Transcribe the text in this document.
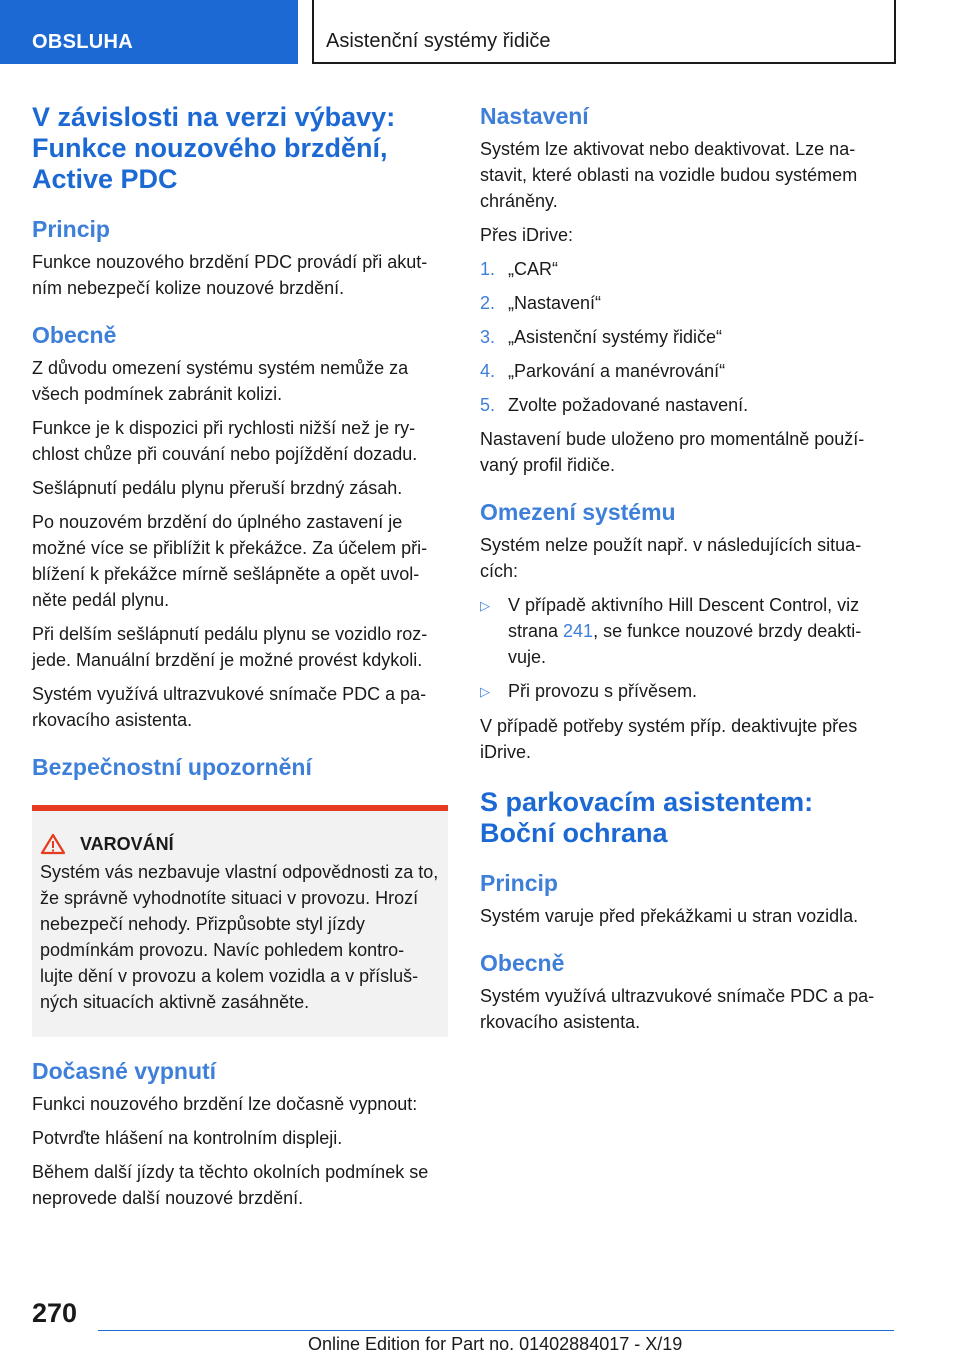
OBSLUHA	Asistenční systémy řidiče
V závislosti na verzi výbavy:
Funkce nouzového brzdění,
Active PDC
Princip

Funkce nouzového brzdění PDC provádí při akut‐ ním nebezpečí kolize nouzové brzdění.

Obecně

Z důvodu omezení systému systém nemůže za všech podmínek zabránit kolizi.

Funkce je k dispozici při rychlosti nižší než je ry‐ chlost chůze při couvání nebo pojíždění dozadu.

Sešlápnutí pedálu plynu přeruší brzdný zásah.

Po nouzovém brzdění do úplného zastavení je možné více se přiblížit k překážce. Za účelem při‐ blížení k překážce mírně sešlápněte a opět uvol‐ něte pedál plynu.

Při delším sešlápnutí pedálu plynu se vozidlo roz‐ jede. Manuální brzdění je možné provést kdykoli.

Systém využívá ultrazvukové snímače PDC a pa‐ rkovacího asistenta.

Bezpečnostní upozornění
VAROVÁNÍ

Systém vás nezbavuje vlastní odpovědnosti za to, že správně vyhodnotíte situaci v provozu. Hrozí nebezpečí nehody. Přizpůsobte styl jízdy podmínkám provozu. Navíc pohledem kontro‐ lujte dění v provozu a kolem vozidla a v přísluš‐ ných situacích aktivně zasáhněte.

Dočasné vypnutí

Funkci nouzového brzdění lze dočasně vypnout:

Potvrďte hlášení na kontrolním displeji.

Během další jízdy ta těchto okolních podmínek se neprovede další nouzové brzdění.

Nastavení

Systém lze aktivovat nebo deaktivovat. Lze na‐ stavit, které oblasti na vozidle budou systémem chráněny.

Přes iDrive:

1. „CAR“
2. „Nastavení“
3. „Asistenční systémy řidiče“
4. „Parkování a manévrování“
5. Zvolte požadované nastavení.

Nastavení bude uloženo pro momentálně použí‐ vaný profil řidiče.

Omezení systému

Systém nelze použít např. v následujících situa‐ cích:

▷	V případě aktivního Hill Descent Control, viz strana 241, se funkce nouzové brzdy deakti‐ vuje.
▷	Při provozu s přívěsem.

V případě potřeby systém příp. deaktivujte přes iDrive.

S parkovacím asistentem: Boční ochrana
Princip

Systém varuje před překážkami u stran vozidla.

Obecně

Systém využívá ultrazvukové snímače PDC a pa‐ rkovacího asistenta.

270
Online Edition for Part no. 01402884017 - X/19
